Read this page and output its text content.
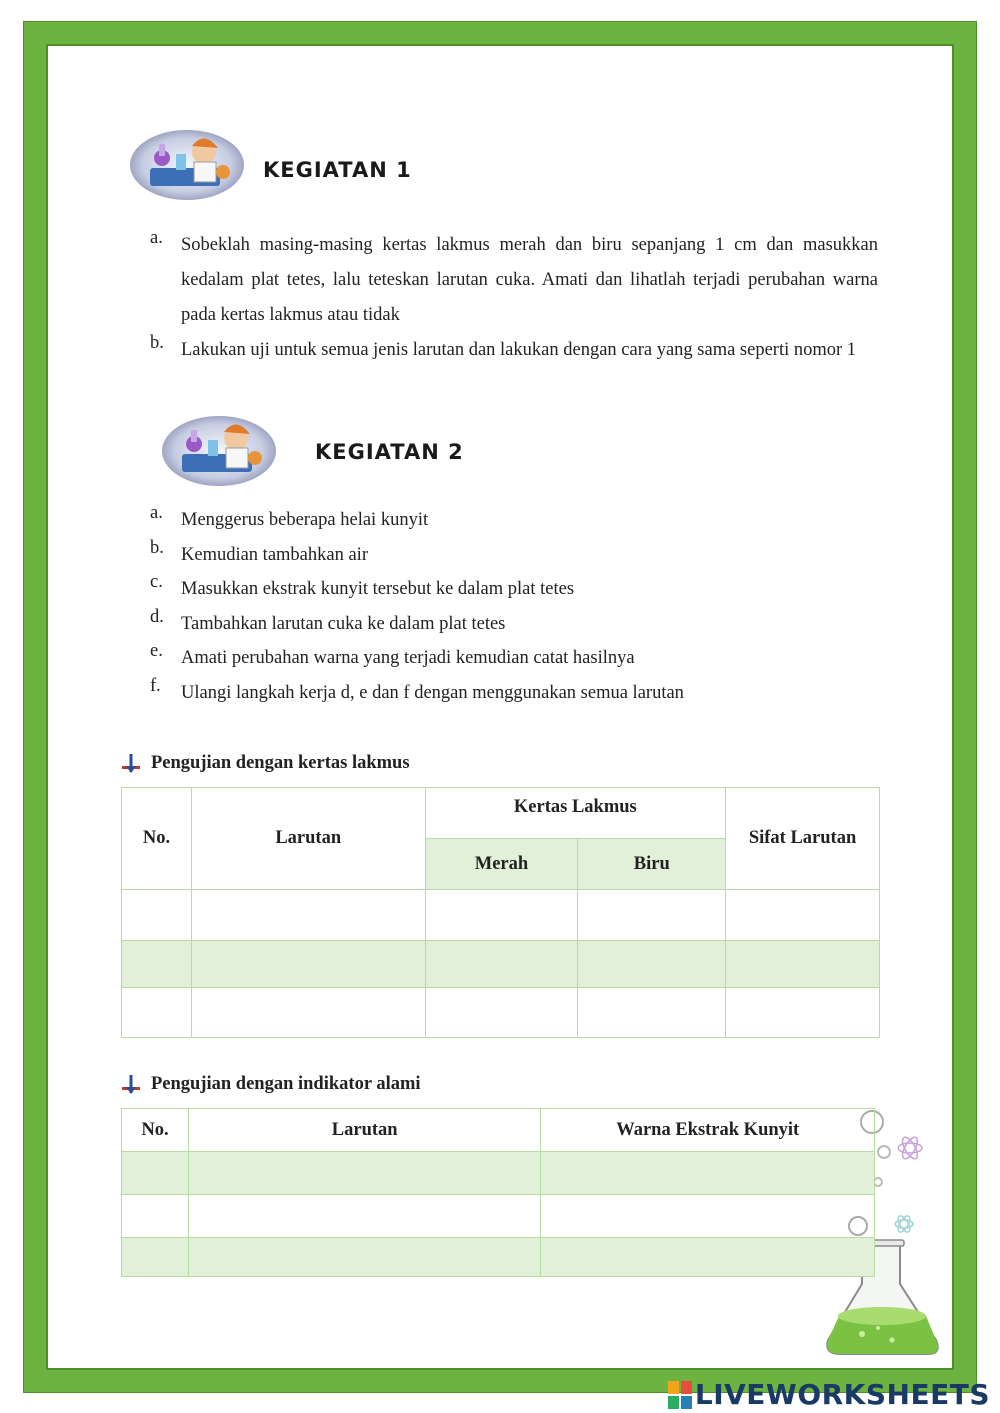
KEGIATAN 1
a. Sobeklah masing-masing kertas lakmus merah dan biru sepanjang 1 cm dan masukkan kedalam plat tetes, lalu teteskan larutan cuka. Amati dan lihatlah terjadi perubahan warna pada kertas lakmus atau tidak
b. Lakukan uji untuk semua jenis larutan dan lakukan dengan cara yang sama seperti nomor 1
KEGIATAN 2
a. Menggerus beberapa helai kunyit
b. Kemudian tambahkan air
c. Masukkan ekstrak kunyit tersebut ke dalam plat tetes
d. Tambahkan larutan cuka ke dalam plat tetes
e. Amati perubahan warna yang terjadi kemudian catat hasilnya
f.	Ulangi langkah kerja d, e dan f dengan menggunakan semua larutan
Pengujian dengan kertas lakmus
No.	Larutan	Kertas Lakmus		Sifat Larutan
		Merah	Biru	

Pengujian dengan indikator alami
No.	Larutan	Warna Ekstrak Kunyit

LIVEWORKSHEETS
